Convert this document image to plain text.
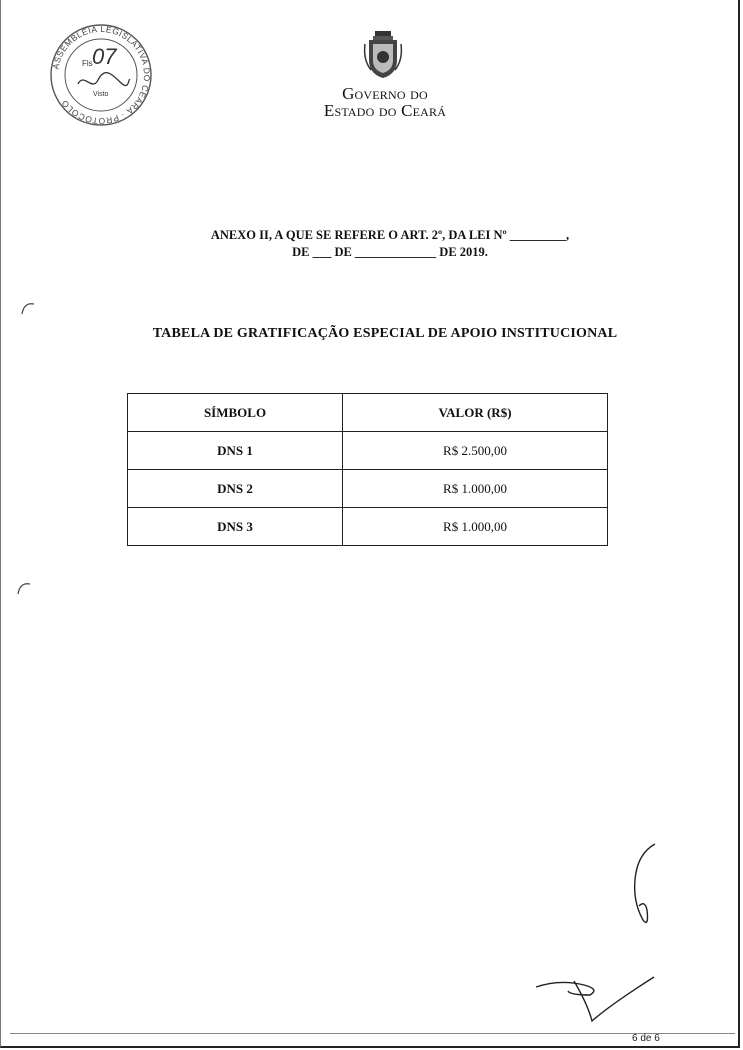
ASSEMBLÉIA LEGISLATIVA DO CEARÁ · PROTOCOLO
Fls 07
Visto	Governo do
Estado do Ceará
ANEXO II, A QUE SE REFERE O ART. 2º, DA LEI Nº _________,
DE ___ DE _____________ DE 2019.
TABELA DE GRATIFICAÇÃO ESPECIAL DE APOIO INSTITUCIONAL
SÍMBOLO	VALOR (R$)
DNS 1	R$ 2.500,00
DNS 2	R$ 1.000,00
DNS 3	R$ 1.000,00
6 de 6
